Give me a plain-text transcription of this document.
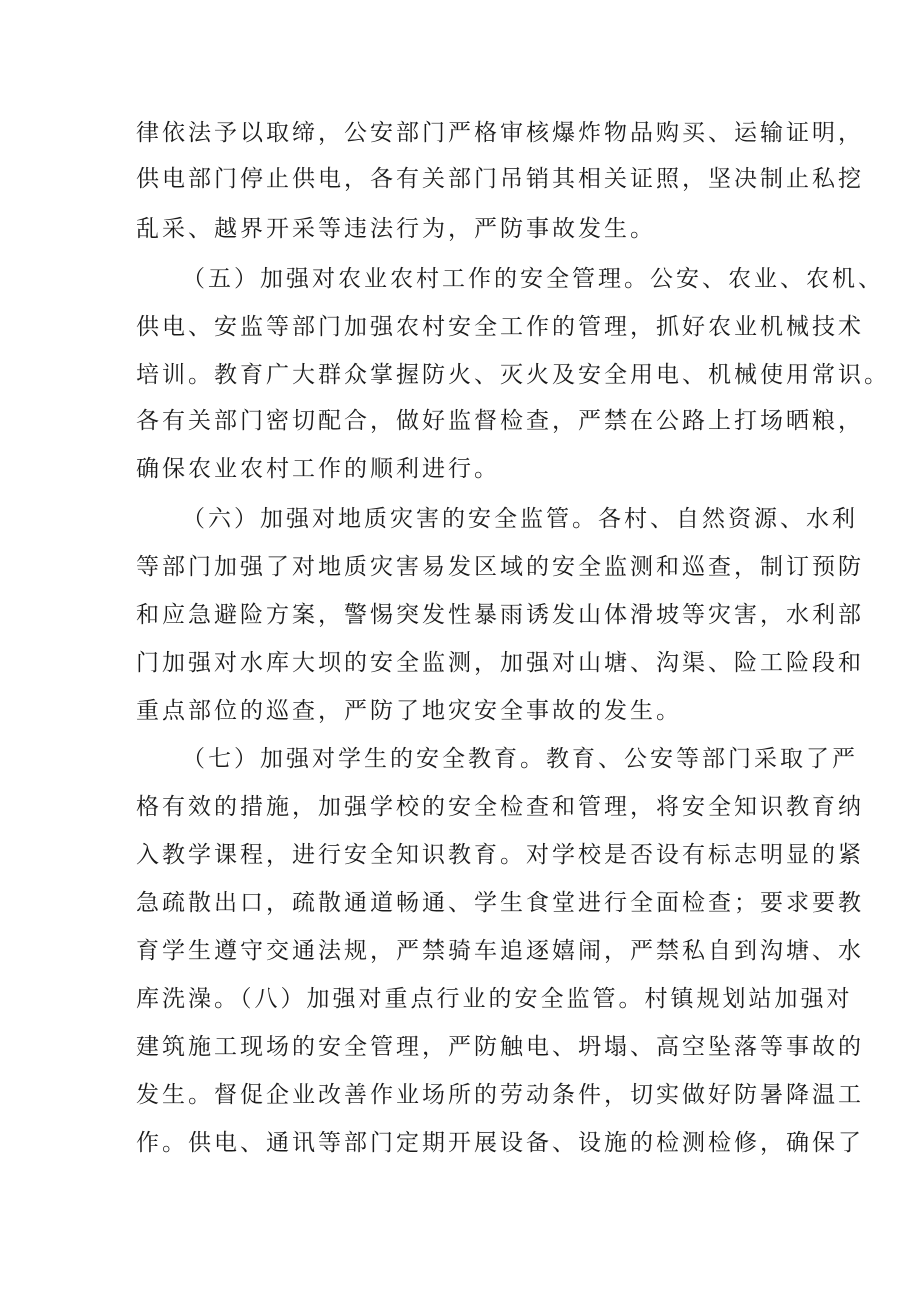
律依法予以取缔，公安部门严格审核爆炸物品购买、运输证明，
供电部门停止供电，各有关部门吊销其相关证照，坚决制止私挖
乱采、越界开采等违法行为，严防事故发生。
（五）加强对农业农村工作的安全管理。公安、农业、农机、
供电、安监等部门加强农村安全工作的管理，抓好农业机械技术
培训。教育广大群众掌握防火、灭火及安全用电、机械使用常识。
各有关部门密切配合，做好监督检查，严禁在公路上打场晒粮，
确保农业农村工作的顺利进行。
（六）加强对地质灾害的安全监管。各村、自然资源、水利
等部门加强了对地质灾害易发区域的安全监测和巡查，制订预防
和应急避险方案，警惕突发性暴雨诱发山体滑坡等灾害，水利部
门加强对水库大坝的安全监测，加强对山塘、沟渠、险工险段和
重点部位的巡查，严防了地灾安全事故的发生。
（七）加强对学生的安全教育。教育、公安等部门采取了严
格有效的措施，加强学校的安全检查和管理，将安全知识教育纳
入教学课程，进行安全知识教育。对学校是否设有标志明显的紧
急疏散出口，疏散通道畅通、学生食堂进行全面检查；要求要教
育学生遵守交通法规，严禁骑车追逐嬉闹，严禁私自到沟塘、水
库洗澡。（八）加强对重点行业的安全监管。村镇规划站加强对
建筑施工现场的安全管理，严防触电、坍塌、高空坠落等事故的
发生。督促企业改善作业场所的劳动条件，切实做好防暑降温工
作。供电、通讯等部门定期开展设备、设施的检测检修，确保了
